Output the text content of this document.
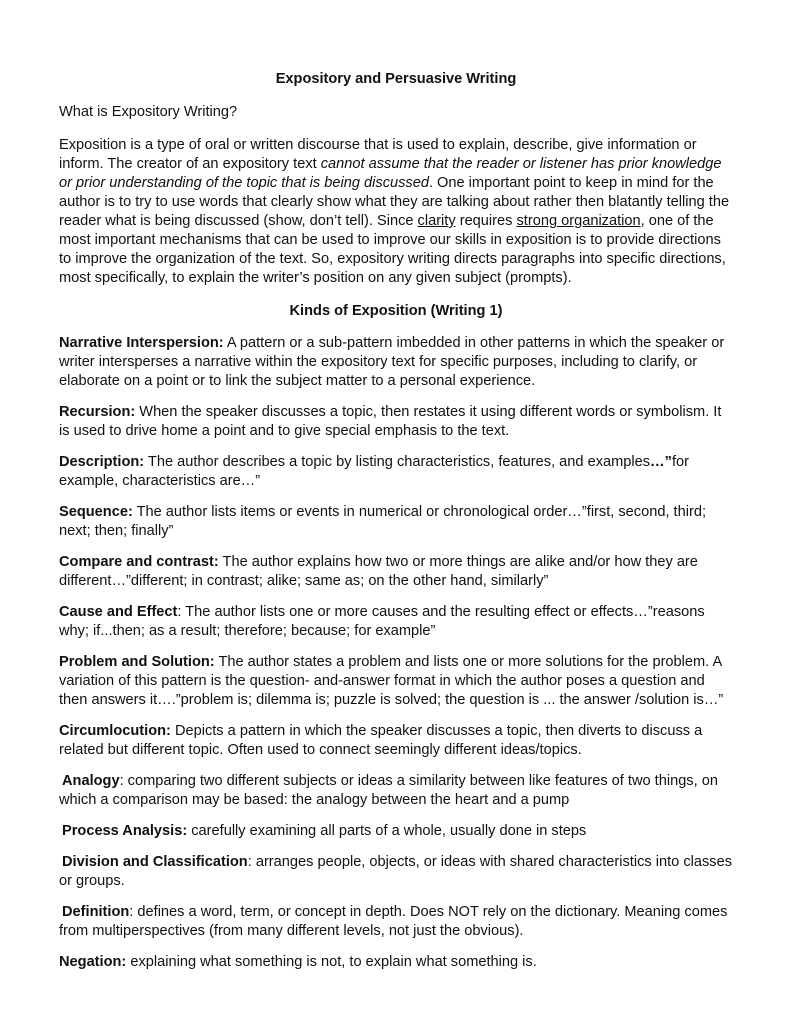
Expository and Persuasive Writing
What is Expository Writing?
Exposition is a type of oral or written discourse that is used to explain, describe, give information or inform. The creator of an expository text cannot assume that the reader or listener has prior knowledge or prior understanding of the topic that is being discussed. One important point to keep in mind for the author is to try to use words that clearly show what they are talking about rather then blatantly telling the reader what is being discussed (show, don’t tell). Since clarity requires strong organization, one of the most important mechanisms that can be used to improve our skills in exposition is to provide directions to improve the organization of the text. So, expository writing directs paragraphs into specific directions, most specifically, to explain the writer’s position on any given subject (prompts).
Kinds of Exposition (Writing 1)
Narrative Interspersion: A pattern or a sub-pattern imbedded in other patterns in which the speaker or writer intersperses a narrative within the expository text for specific purposes, including to clarify, or elaborate on a point or to link the subject matter to a personal experience.
Recursion: When the speaker discusses a topic, then restates it using different words or symbolism. It is used to drive home a point and to give special emphasis to the text.
Description: The author describes a topic by listing characteristics, features, and examples…”for example, characteristics are…”
Sequence: The author lists items or events in numerical or chronological order…”first, second, third; next; then; finally”
Compare and contrast: The author explains how two or more things are alike and/or how they are different…”different; in contrast; alike; same as; on the other hand, similarly”
Cause and Effect: The author lists one or more causes and the resulting effect or effects…”reasons why; if...then; as a result; therefore; because; for example”
Problem and Solution: The author states a problem and lists one or more solutions for the problem. A variation of this pattern is the question- and-answer format in which the author poses a question and then answers it….”problem is; dilemma is; puzzle is solved; the question is ... the answer /solution is…”
Circumlocution: Depicts a pattern in which the speaker discusses a topic, then diverts to discuss a related but different topic. Often used to connect seemingly different ideas/topics.
Analogy: comparing two different subjects or ideas a similarity between like features of two things, on which a comparison may be based: the analogy between the heart and a pump
Process Analysis: carefully examining all parts of a whole, usually done in steps
Division and Classification: arranges people, objects, or ideas with shared characteristics into classes or groups.
Definition: defines a word, term, or concept in depth. Does NOT rely on the dictionary. Meaning comes from multiperspectives (from many different levels, not just the obvious).
Negation: explaining what something is not, to explain what something is.
